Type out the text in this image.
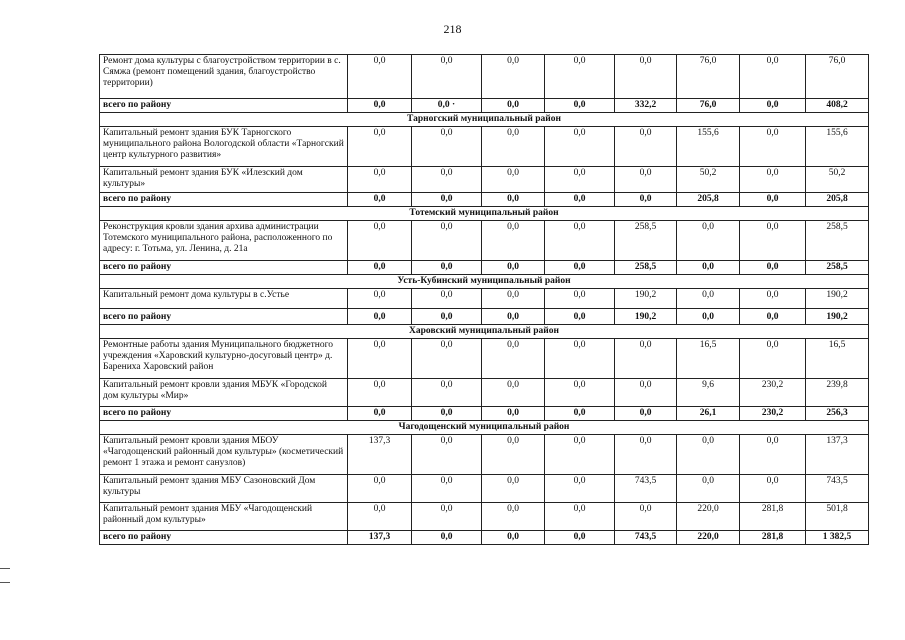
218
Ремонт дома культуры с благоустройством территории в с. Сямжа (ремонт помещений здания, благоустройство территории)	0,0	0,0	0,0	0,0	0,0	76,0	0,0	76,0
всего по району	0,0	0,0 ·	0,0	0,0	332,2	76,0	0,0	408,2
Тарногский муниципальный район								
Капитальный ремонт здания БУК Тарногского муниципального района Вологодской области «Тарногский центр культурного развития»	0,0	0,0	0,0	0,0	0,0	155,6	0,0	155,6
Капитальный ремонт здания БУК «Илезский дом культуры»	0,0	0,0	0,0	0,0	0,0	50,2	0,0	50,2
всего по району	0,0	0,0	0,0	0,0	0,0	205,8	0,0	205,8
Тотемский муниципальный район								
Реконструкция кровли здания архива администрации Тотемского муниципального района, расположенного по адресу: г. Тотьма, ул. Ленина, д. 21а	0,0	0,0	0,0	0,0	258,5	0,0	0,0	258,5
всего по району	0,0	0,0	0,0	0,0	258,5	0,0	0,0	258,5
Усть-Кубинский муниципальный район								
Капитальный ремонт дома культуры в с.Устье	0,0	0,0	0,0	0,0	190,2	0,0	0,0	190,2
всего по району	0,0	0,0	0,0	0,0	190,2	0,0	0,0	190,2
Харовский муниципальный район								
Ремонтные работы здания Муниципального бюджетного учреждения «Харовский культурно-досуговый центр» д. Барениха Харовский район	0,0	0,0	0,0	0,0	0,0	16,5	0,0	16,5
Капитальный ремонт кровли здания МБУК «Городской дом культуры «Мир»	0,0	0,0	0,0	0,0	0,0	9,6	230,2	239,8
всего по району	0,0	0,0	0,0	0,0	0,0	26,1	230,2	256,3
Чагодощенский муниципальный район								
Капитальный ремонт кровли здания МБОУ «Чагодощенский районный дом культуры» (косметический ремонт 1 этажа и ремонт санузлов)	137,3	0,0	0,0	0,0	0,0	0,0	0,0	137,3
Капитальный ремонт здания МБУ Сазоновский Дом культуры	0,0	0,0	0,0	0,0	743,5	0,0	0,0	743,5
Капитальный ремонт здания МБУ «Чагодощенский районный дом культуры»	0,0	0,0	0,0	0,0	0,0	220,0	281,8	501,8
всего по району	137,3	0,0	0,0	0,0	743,5	220,0	281,8	1 382,5
